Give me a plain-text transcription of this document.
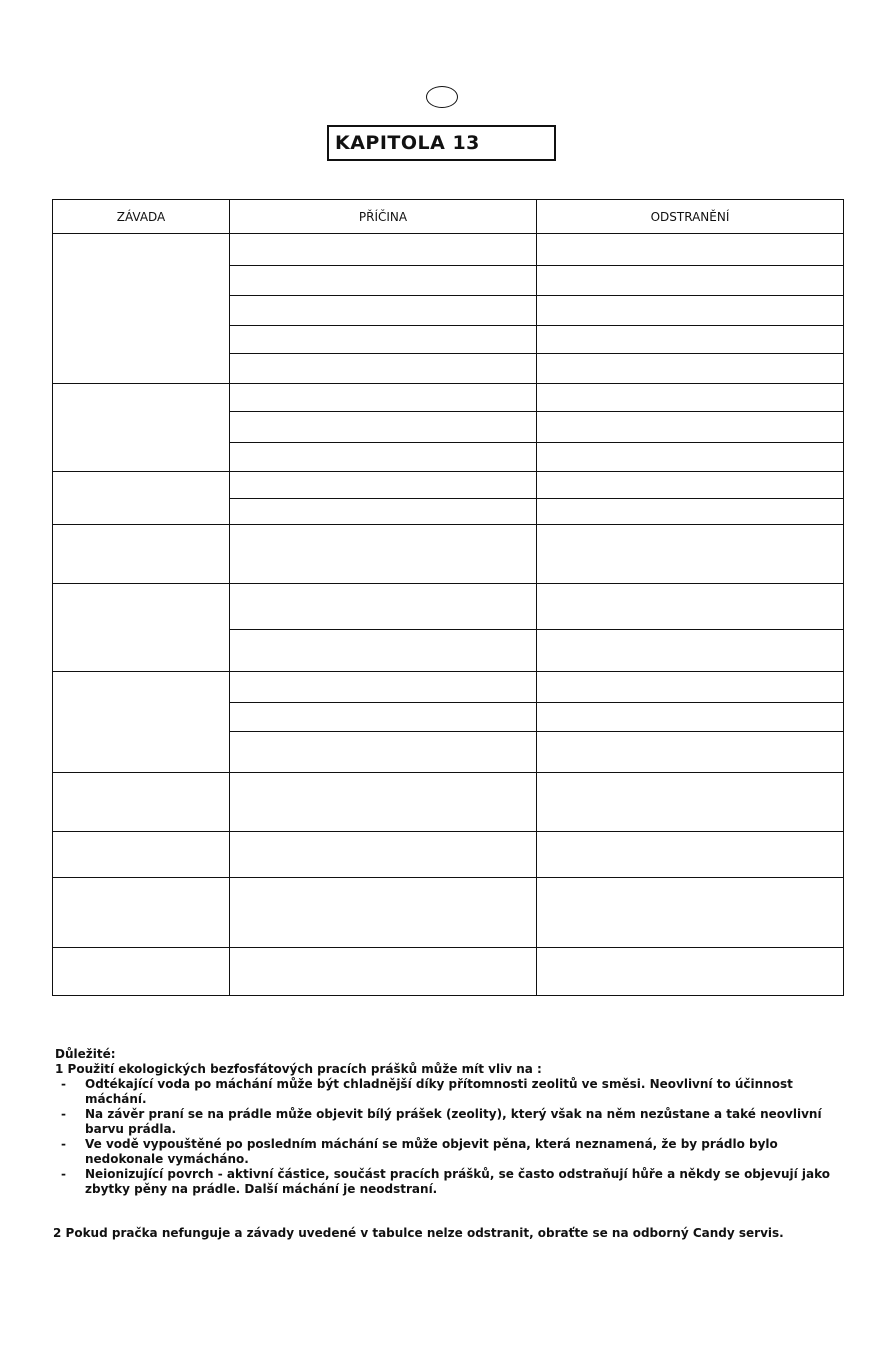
KAPITOLA 13
ZÁVADA	PŘÍČINA	ODSTRANĚNÍ

Důležité:

1 Použití ekologických bezfosfátových pracích prášků může mít vliv na :

- Odtékající voda po máchání může být chladnější díky přítomnosti zeolitů ve směsi. Neovlivní to účinnost máchání.
- Na závěr praní se na prádle může objevit bílý prášek (zeolity), který však na něm nezůstane a také neovlivní barvu prádla.
- Ve vodě vypouštěné po posledním máchání se může objevit pěna, která neznamená, že by prádlo bylo nedokonale vymácháno.
- Neionizující povrch - aktivní částice, součást pracích prášků, se často odstraňují hůře a někdy se objevují jako zbytky pěny na prádle. Další máchání je neodstraní.

2 Pokud pračka nefunguje a závady uvedené v tabulce nelze odstranit, obraťte se na odborný Candy servis.
